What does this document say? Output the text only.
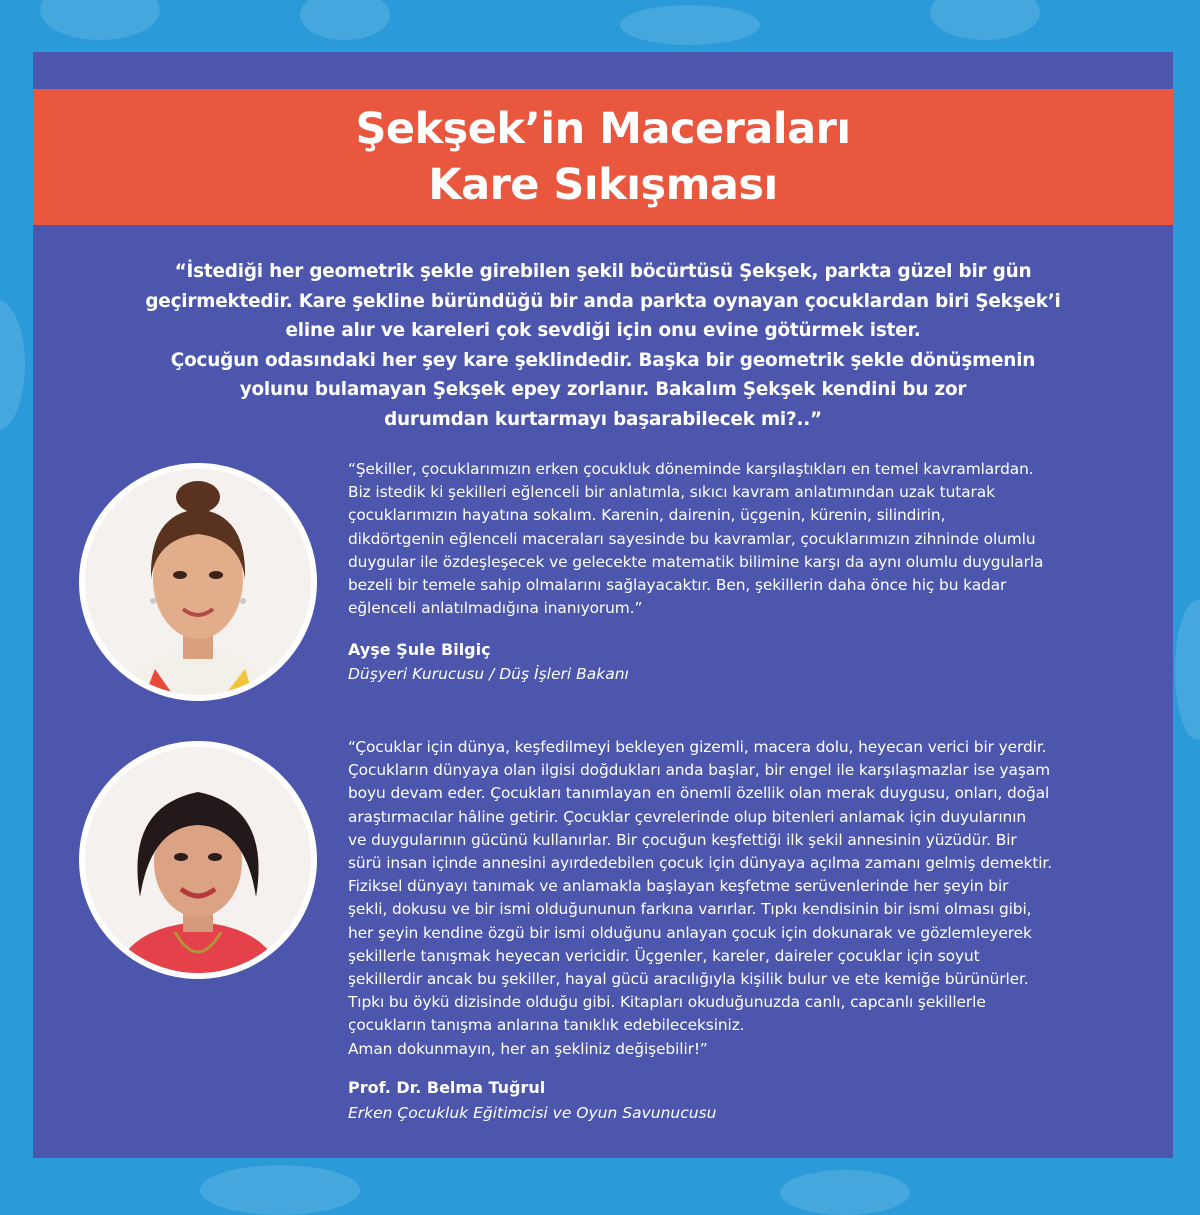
Şekşek’in Maceraları
Kare Sıkışması
“İstediği her geometrik şekle girebilen şekil böcürtüsü Şekşek, parkta güzel bir gün
geçirmektedir. Kare şekline büründüğü bir anda parkta oynayan çocuklardan biri Şekşek’i
eline alır ve kareleri çok sevdiği için onu evine götürmek ister.
Çocuğun odasındaki her şey kare şeklindedir. Başka bir geometrik şekle dönüşmenin
yolunu bulamayan Şekşek epey zorlanır. Bakalım Şekşek kendini bu zor
durumdan kurtarmayı başarabilecek mi?..”
“Şekiller, çocuklarımızın erken çocukluk döneminde karşılaştıkları en temel kavramlardan.
Biz istedik ki şekilleri eğlenceli bir anlatımla, sıkıcı kavram anlatımından uzak tutarak
çocuklarımızın hayatına sokalım. Karenin, dairenin, üçgenin, kürenin, silindirin,
dikdörtgenin eğlenceli maceraları sayesinde bu kavramlar, çocuklarımızın zihninde olumlu
duygular ile özdeşleşecek ve gelecekte matematik bilimine karşı da aynı olumlu duygularla
bezeli bir temele sahip olmalarını sağlayacaktır. Ben, şekillerin daha önce hiç bu kadar
eğlenceli anlatılmadığına inanıyorum.”
Ayşe Şule Bilgiç
Düşyeri Kurucusu / Düş İşleri Bakanı
“Çocuklar için dünya, keşfedilmeyi bekleyen gizemli, macera dolu, heyecan verici bir yerdir.
Çocukların dünyaya olan ilgisi doğdukları anda başlar, bir engel ile karşılaşmazlar ise yaşam
boyu devam eder. Çocukları tanımlayan en önemli özellik olan merak duygusu, onları, doğal
araştırmacılar hâline getirir. Çocuklar çevrelerinde olup bitenleri anlamak için duyularının
ve duygularının gücünü kullanırlar. Bir çocuğun keşfettiği ilk şekil annesinin yüzüdür. Bir
sürü insan içinde annesini ayırdedebilen çocuk için dünyaya açılma zamanı gelmiş demektir.
Fiziksel dünyayı tanımak ve anlamakla başlayan keşfetme serüvenlerinde her şeyin bir
şekli, dokusu ve bir ismi olduğununun farkına varırlar. Tıpkı kendisinin bir ismi olması gibi,
her şeyin kendine özgü bir ismi olduğunu anlayan çocuk için dokunarak ve gözlemleyerek
şekillerle tanışmak heyecan vericidir. Üçgenler, kareler, daireler çocuklar için soyut
şekillerdir ancak bu şekiller, hayal gücü aracılığıyla kişilik bulur ve ete kemiğe bürünürler.
Tıpkı bu öykü dizisinde olduğu gibi. Kitapları okuduğunuzda canlı, capcanlı şekillerle
çocukların tanışma anlarına tanıklık edebileceksiniz.
Aman dokunmayın, her an şekliniz değişebilir!”
Prof. Dr. Belma Tuğrul
Erken Çocukluk Eğitimcisi ve Oyun Savunucusu
